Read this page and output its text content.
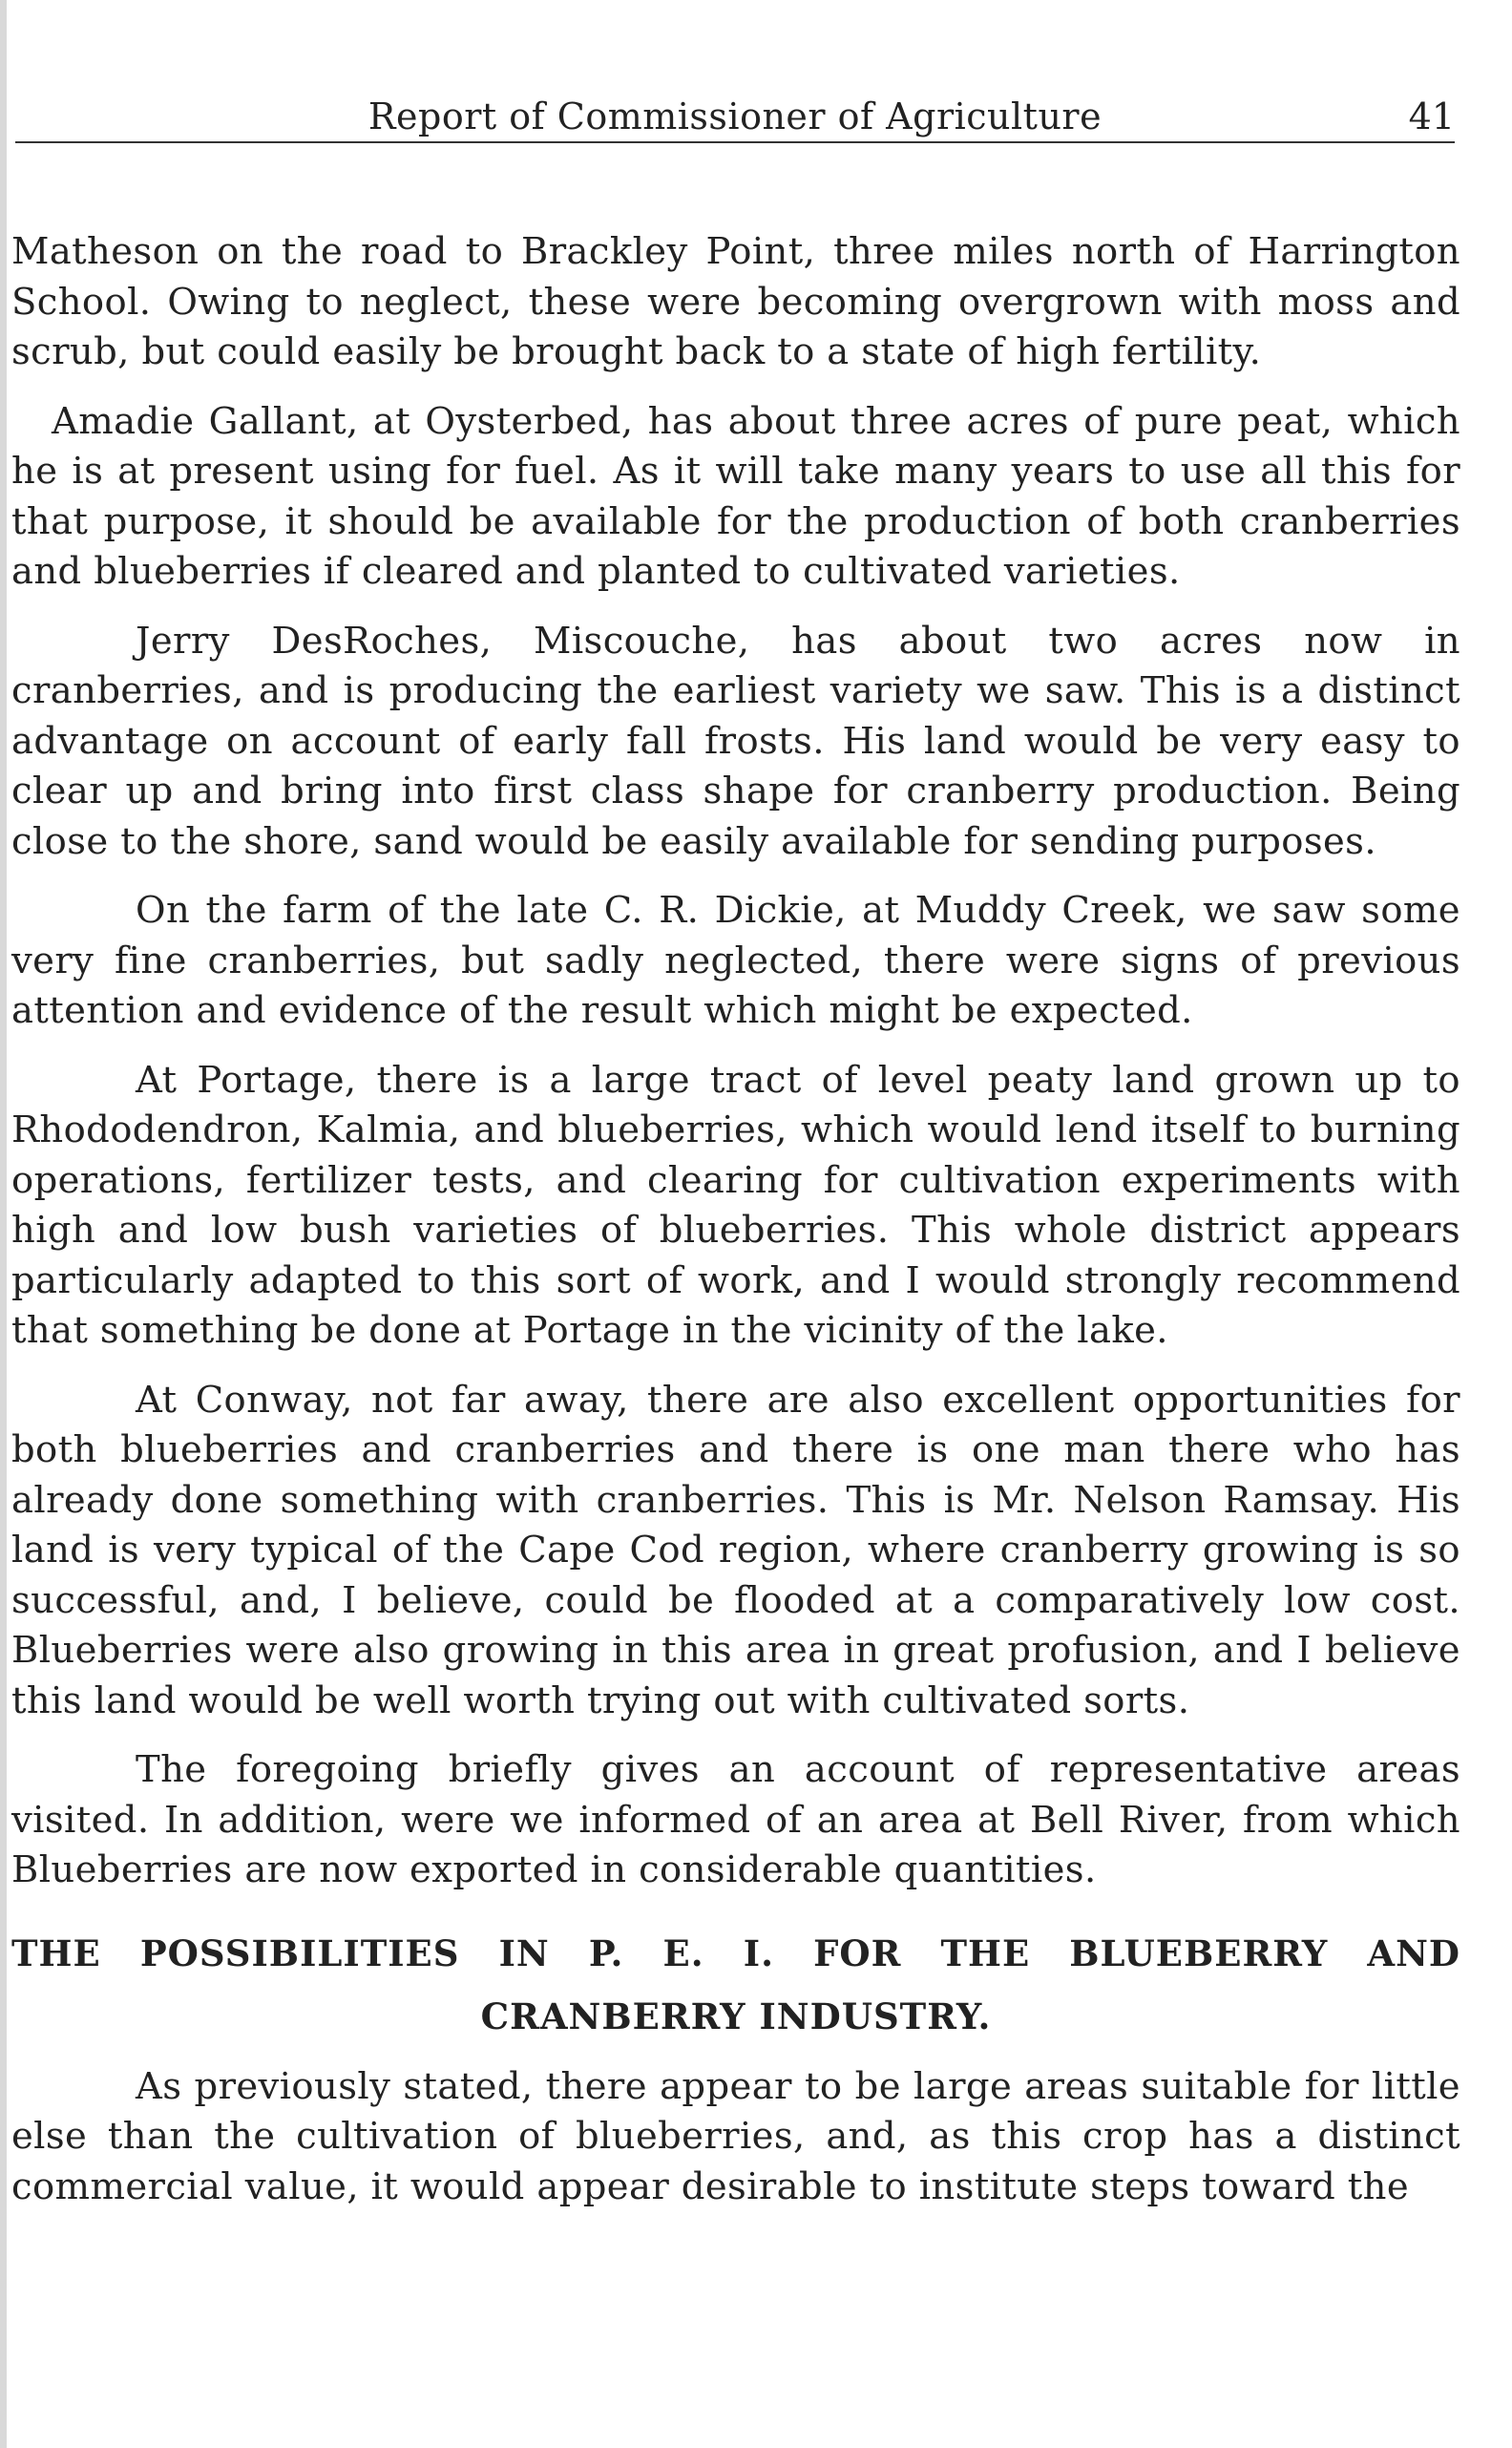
Report of Commissioner of Agriculture	41

Matheson on the road to Brackley Point, three miles north of Harrington School. Owing to neglect, these were becoming overgrown with moss and scrub, but could easily be brought back to a state of high fertility.

Amadie Gallant, at Oysterbed, has about three acres of pure peat, which he is at present using for fuel. As it will take many years to use all this for that purpose, it should be available for the production of both cranberries and blueberries if cleared and planted to cultivated varieties.

Jerry DesRoches, Miscouche, has about two acres now in cranberries, and is producing the earliest variety we saw. This is a distinct advantage on account of early fall frosts. His land would be very easy to clear up and bring into first class shape for cranberry production. Being close to the shore, sand would be easily available for sending purposes.

On the farm of the late C. R. Dickie, at Muddy Creek, we saw some very fine cranberries, but sadly neglected, there were signs of previous attention and evidence of the result which might be expected.

At Portage, there is a large tract of level peaty land grown up to Rhododendron, Kalmia, and blueberries, which would lend itself to burning operations, fertilizer tests, and clearing for cultivation experiments with high and low bush varieties of blueberries. This whole district appears particularly adapted to this sort of work, and I would strongly recommend that something be done at Portage in the vicinity of the lake.

At Conway, not far away, there are also excellent opportunities for both blueberries and cranberries and there is one man there who has already done something with cranberries. This is Mr. Nelson Ramsay. His land is very typical of the Cape Cod region, where cranberry growing is so successful, and, I believe, could be flooded at a comparatively low cost. Blueberries were also growing in this area in great profusion, and I believe this land would be well worth trying out with cultivated sorts.

The foregoing briefly gives an account of representative areas visited. In addition, were we informed of an area at Bell River, from which Blueberries are now exported in considerable quantities.

THE POSSIBILITIES IN P. E. I. FOR THE BLUEBERRY AND
CRANBERRY INDUSTRY.

As previously stated, there appear to be large areas suitable for little else than the cultivation of blueberries, and, as this crop has a distinct commercial value, it would appear desirable to institute steps toward the
